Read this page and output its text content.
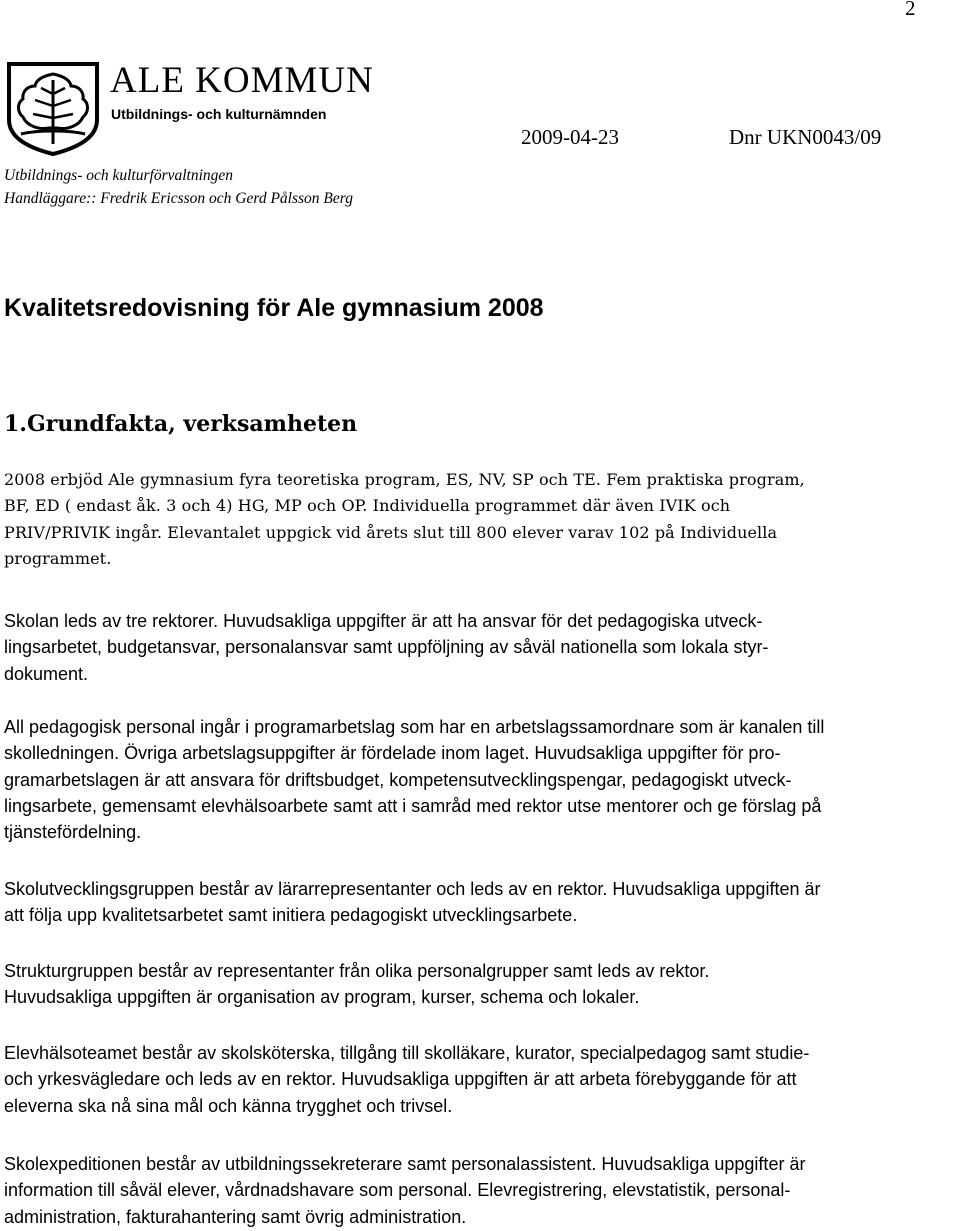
2
ALE KOMMUN
Utbildnings- och kulturnämnden
2009-04-23	Dnr UKN0043/09
Utbildnings- och kulturförvaltningen
Handläggare:: Fredrik Ericsson och Gerd Pålsson Berg
Kvalitetsredovisning för Ale gymnasium 2008
1.Grundfakta, verksamheten

2008 erbjöd Ale gymnasium fyra teoretiska program, ES, NV, SP och TE. Fem praktiska program,
BF, ED ( endast åk. 3 och 4) HG, MP och OP. Individuella programmet där även IVIK och
PRIV/PRIVIK ingår. Elevantalet uppgick vid årets slut till 800 elever varav 102 på Individuella
programmet.

Skolan leds av tre rektorer. Huvudsakliga uppgifter är att ha ansvar för det pedagogiska utveck-
lingsarbetet, budgetansvar, personalansvar samt uppföljning av såväl nationella som lokala styr-
dokument.

All pedagogisk personal ingår i programarbetslag som har en arbetslagssamordnare som är kanalen till
skolledningen. Övriga arbetslagsuppgifter är fördelade inom laget. Huvudsakliga uppgifter för pro-
gramarbetslagen är att ansvara för driftsbudget, kompetensutvecklingspengar, pedagogiskt utveck-
lingsarbete, gemensamt elevhälsoarbete samt att i samråd med rektor utse mentorer och ge förslag på
tjänstefördelning.

Skolutvecklingsgruppen består av lärarrepresentanter och leds av en rektor. Huvudsakliga uppgiften är
att följa upp kvalitetsarbetet samt initiera pedagogiskt utvecklingsarbete.

Strukturgruppen består av representanter från olika personalgrupper samt leds av rektor.
Huvudsakliga uppgiften är organisation av program, kurser, schema och lokaler.

Elevhälsoteamet består av skolsköterska, tillgång till skolläkare, kurator, specialpedagog samt studie-
och yrkesvägledare och leds av en rektor. Huvudsakliga uppgiften är att arbeta förebyggande för att
eleverna ska nå sina mål och känna trygghet och trivsel.

Skolexpeditionen består av utbildningssekreterare samt personalassistent. Huvudsakliga uppgifter är
information till såväl elever, vårdnadshavare som personal. Elevregistrering, elevstatistik, personal-
administration, fakturahantering samt övrig administration.
